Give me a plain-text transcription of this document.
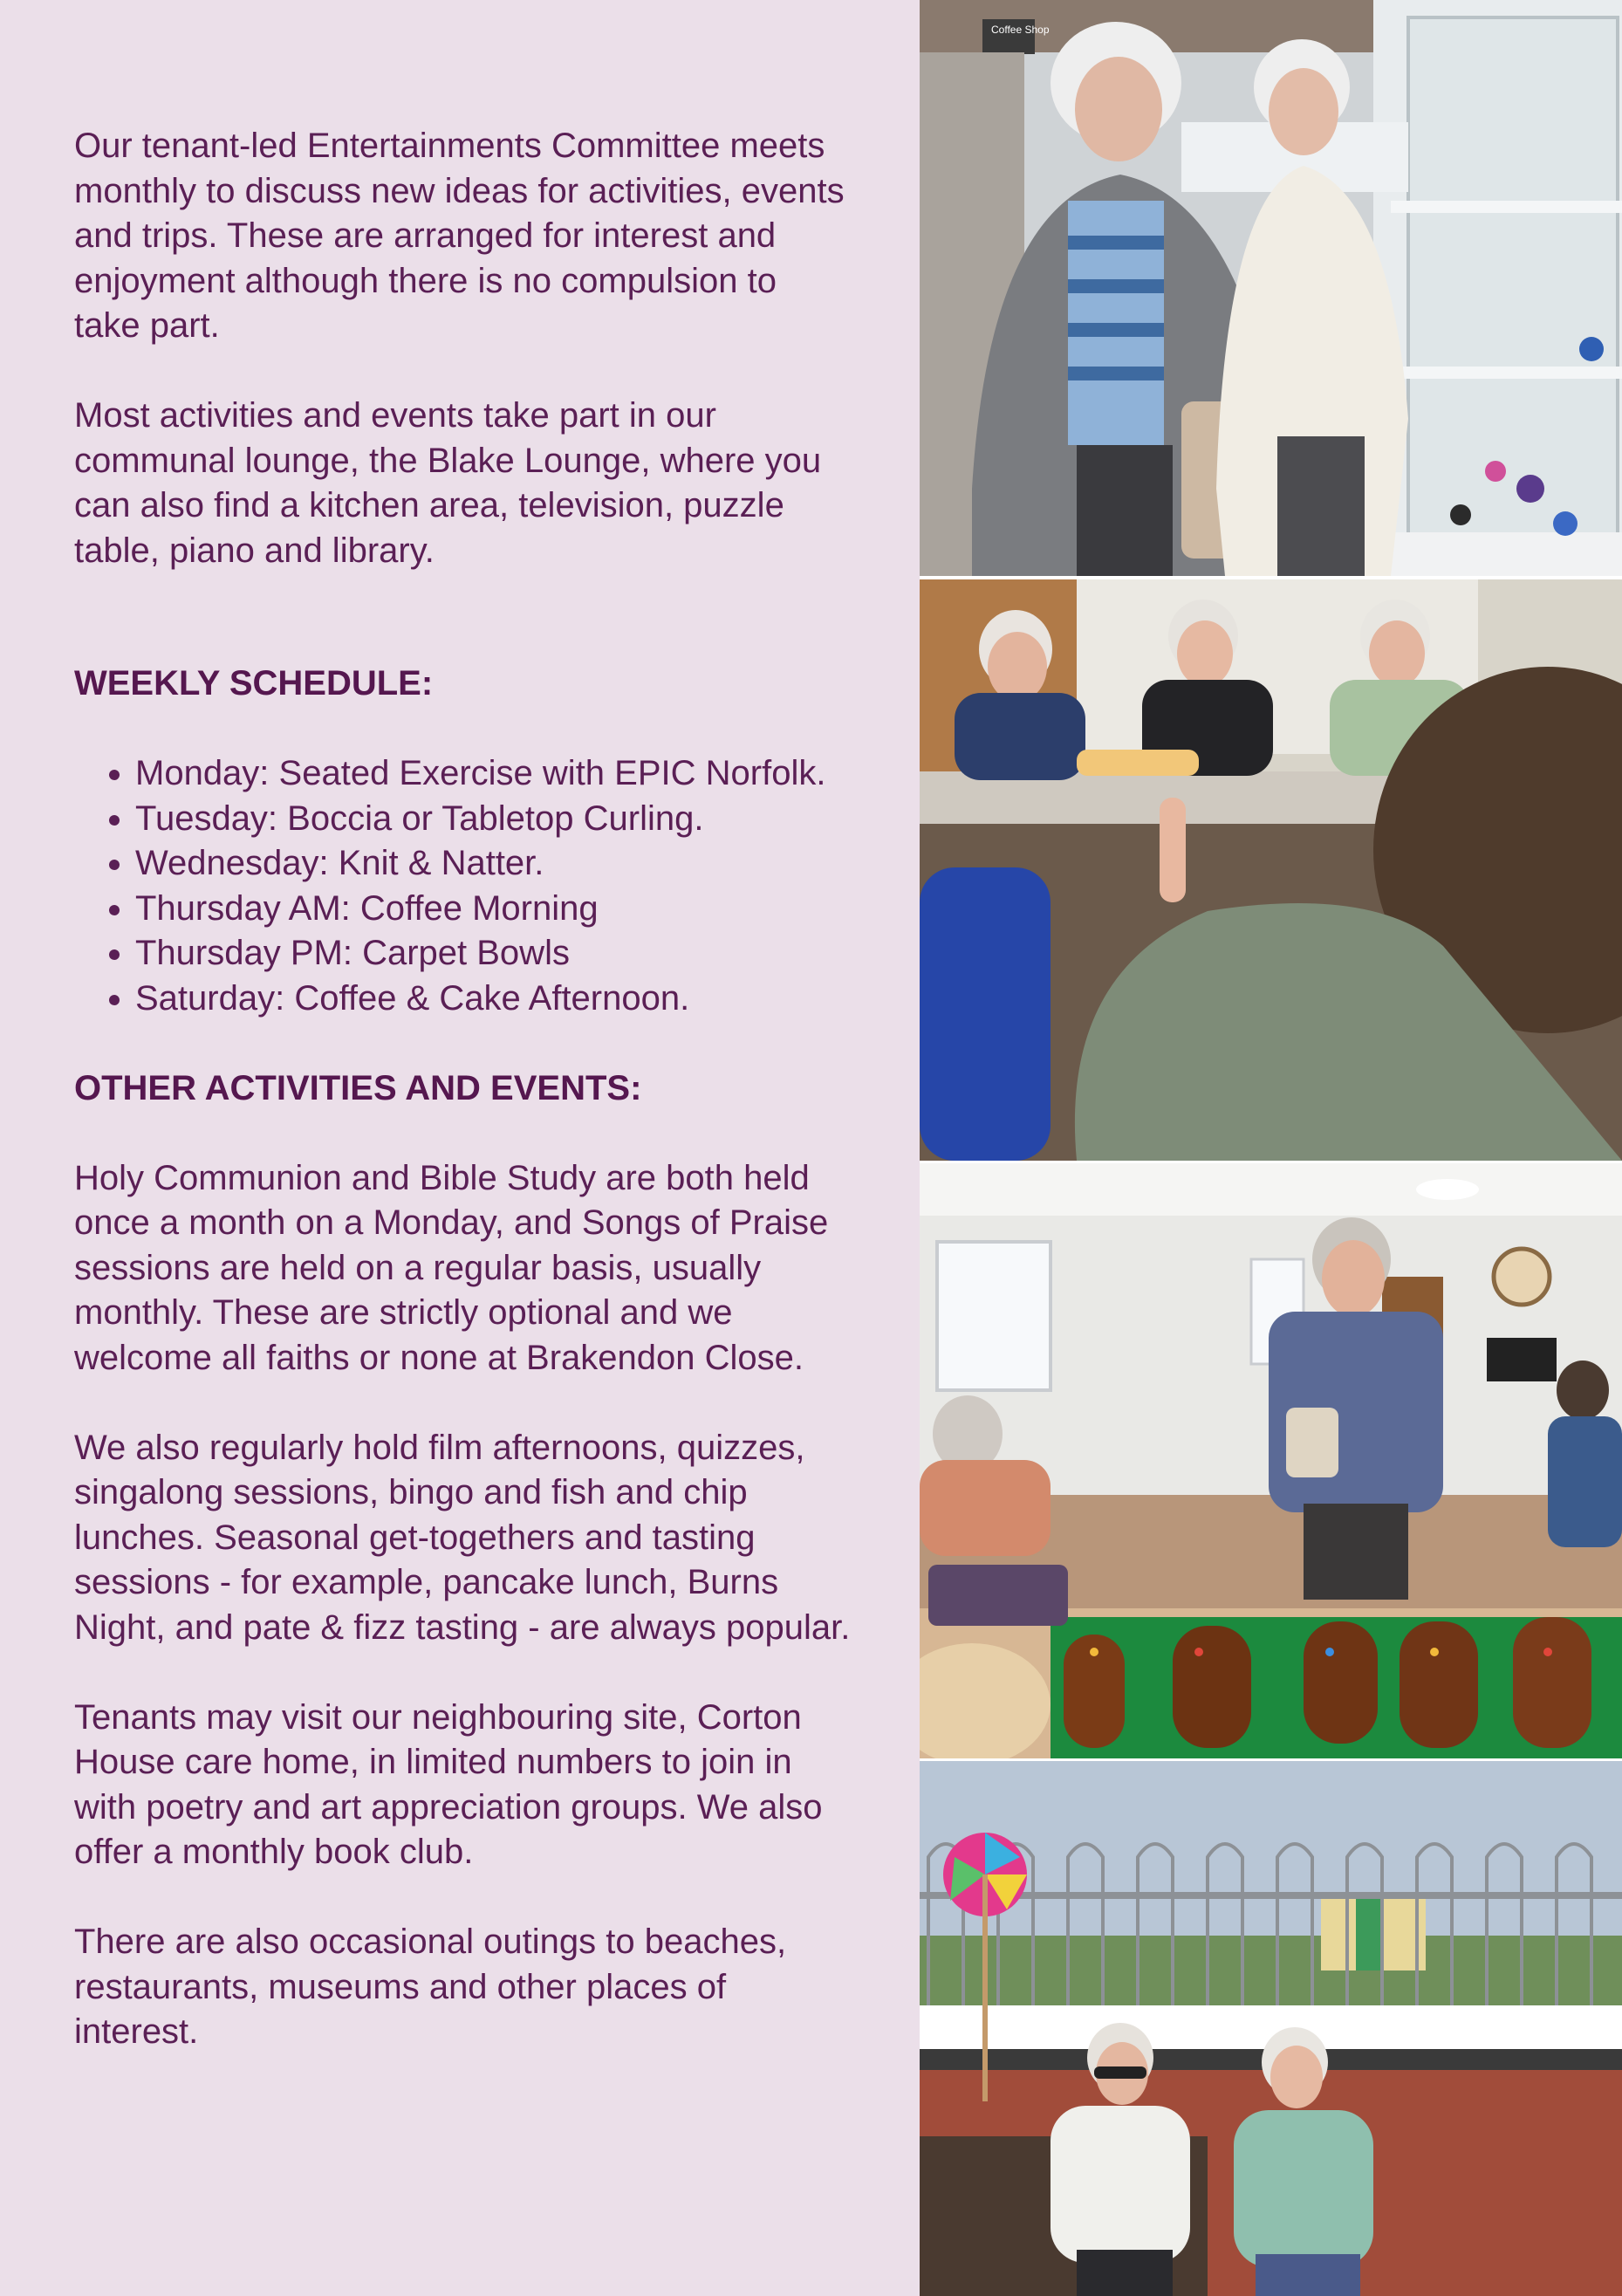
Our tenant-led Entertainments Committee meets monthly to discuss new ideas for activities, events and trips. These are arranged for interest and enjoyment although there is no compulsion to take part.

Most activities and events take part in our communal lounge, the Blake Lounge, where you can also find a kitchen area, television, puzzle table, piano and library.

WEEKLY SCHEDULE:
• Monday: Seated Exercise with EPIC Norfolk.
• Tuesday: Boccia or Tabletop Curling.
• Wednesday: Knit & Natter.
• Thursday AM: Coffee Morning
• Thursday PM: Carpet Bowls
• Saturday: Coffee & Cake Afternoon.
OTHER ACTIVITIES AND EVENTS:

Holy Communion and Bible Study are both held once a month on a Monday, and Songs of Praise sessions are held on a regular basis, usually monthly. These are strictly optional and we welcome all faiths or none at Brakendon Close.

We also regularly hold film afternoons, quizzes, singalong sessions, bingo and fish and chip lunches. Seasonal get-togethers and tasting sessions - for example, pancake lunch, Burns Night, and pate & fizz tasting - are always popular.

Tenants may visit our neighbouring site, Corton House care home, in limited numbers to join in with poetry and art appreciation groups. We also offer a monthly book club.

There are also occasional outings to beaches, restaurants, museums and other places of interest.

Coffee Shop
